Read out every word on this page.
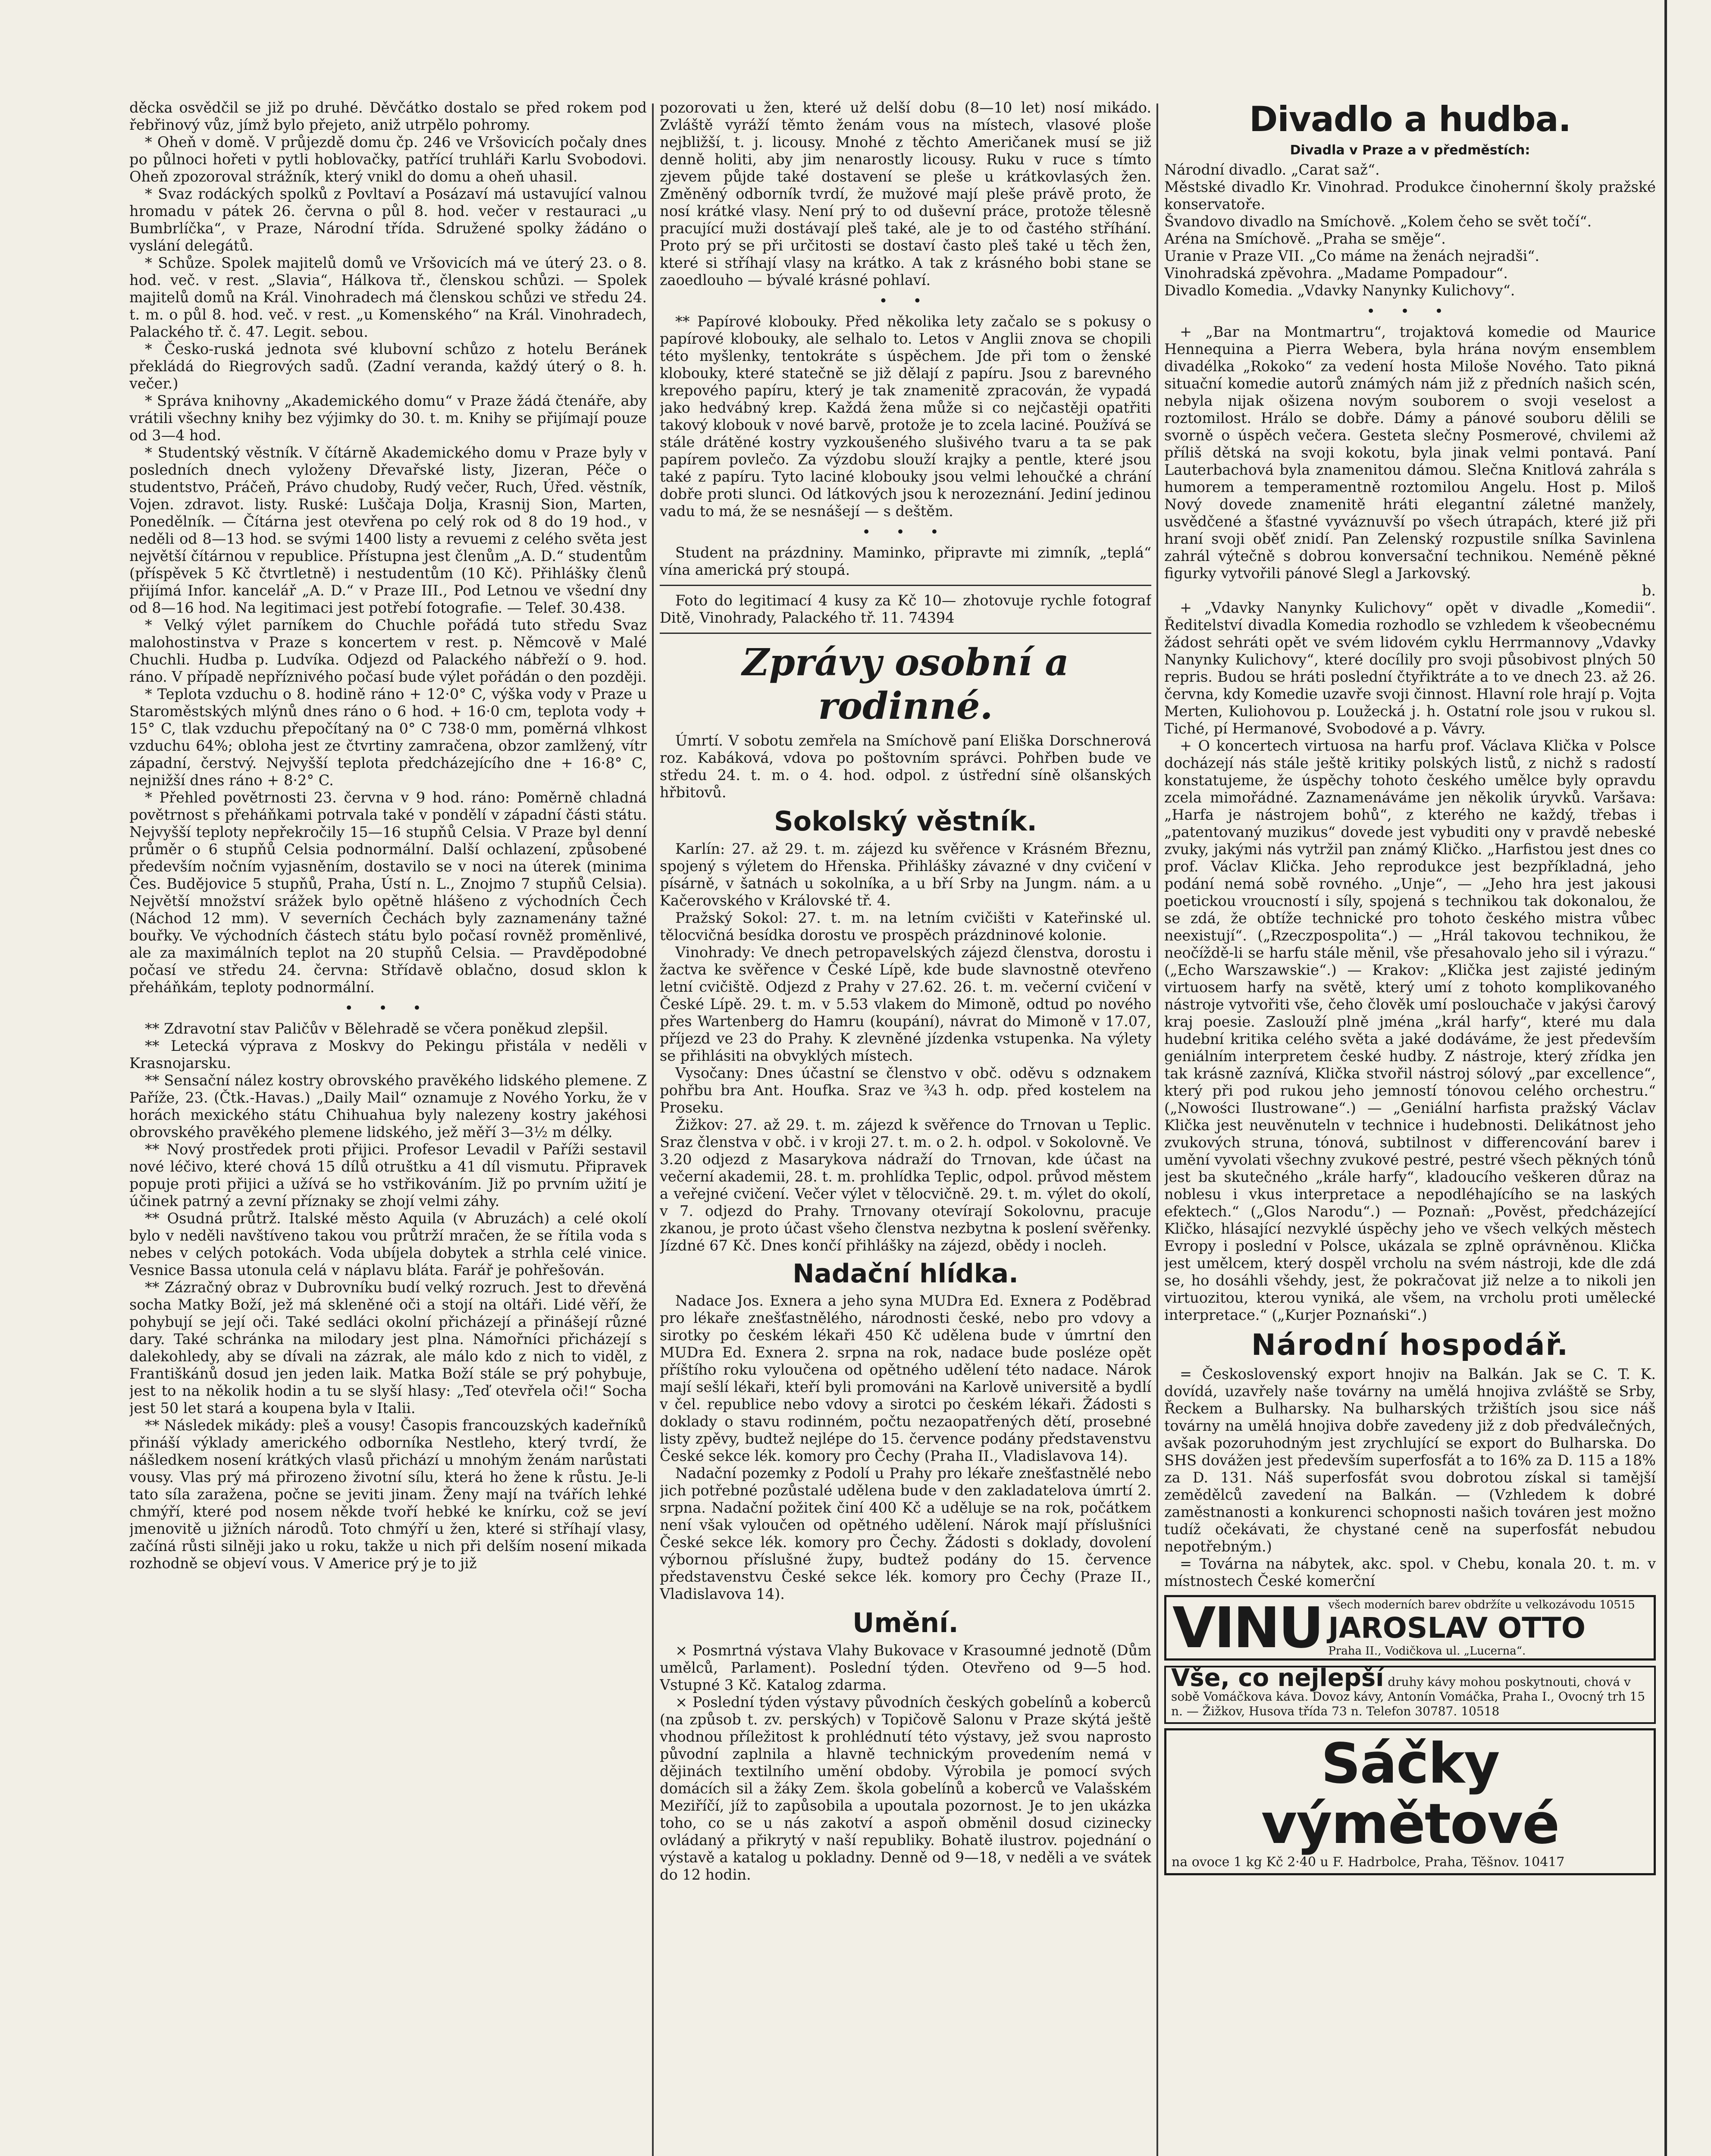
děcka osvědčil se již po druhé. Děvčátko dostalo se před rokem pod řebřinový vůz, jímž bylo přejeto, aniž utrpělo pohromy.

* Oheň v domě. V průjezdě domu čp. 246 ve Vršovicích počaly dnes po půlnoci hořeti v pytli hoblovačky, patřící truhláři Karlu Svobodovi. Oheň zpozoroval strážník, který vnikl do domu a oheň uhasil.

* Svaz rodáckých spolků z Povltaví a Posázaví má ustavující valnou hromadu v pátek 26. června o půl 8. hod. večer v restauraci „u Bumbrlíčka“, v Praze, Národní třída. Sdružené spolky žádáno o vyslání delegátů.

* Schůze. Spolek majitelů domů ve Vršovicích má ve úterý 23. o 8. hod. več. v rest. „Slavia“, Hálkova tř., členskou schůzi. — Spolek majitelů domů na Král. Vinohradech má členskou schůzi ve středu 24. t. m. o půl 8. hod. več. v rest. „u Komenského“ na Král. Vinohradech, Palackého tř. č. 47. Legit. sebou.

* Česko-ruská jednota své klubovní schůzo z hotelu Beránek překládá do Riegrových sadů. (Zadní veranda, každý úterý o 8. h. večer.)

* Správa knihovny „Akademického domu“ v Praze žádá čtenáře, aby vrátili všechny knihy bez výjimky do 30. t. m. Knihy se přijímají pouze od 3—4 hod.

* Studentský věstník. V čítárně Akademického domu v Praze byly v posledních dnech vyloženy Dřevařské listy, Jizeran, Péče o studentstvo, Práčeň, Právo chudoby, Rudý večer, Ruch, Úřed. věstník, Vojen. zdravot. listy. Ruské: Luščaja Dolja, Krasnij Sion, Marten, Ponedělník. — Čítárna jest otevřena po celý rok od 8 do 19 hod., v neděli od 8—13 hod. se svými 1400 listy a revuemi z celého světa jest největší čítárnou v republice. Přístupna jest členům „A. D.“ studentům (příspěvek 5 Kč čtvrtletně) i nestudentům (10 Kč). Přihlášky členů přijímá Infor. kancelář „A. D.“ v Praze III., Pod Letnou ve všední dny od 8—16 hod. Na legitimaci jest potřebí fotografie. — Telef. 30.438.

* Velký výlet parníkem do Chuchle pořádá tuto středu Svaz malohostinstva v Praze s koncertem v rest. p. Němcově v Malé Chuchli. Hudba p. Ludvíka. Odjezd od Palackého nábřeží o 9. hod. ráno. V případě nepříznivého počasí bude výlet pořádán o den později.

* Teplota vzduchu o 8. hodině ráno + 12·0° C, výška vody v Praze u Staroměstských mlýnů dnes ráno o 6 hod. + 16·0 cm, teplota vody + 15° C, tlak vzduchu přepočítaný na 0° C 738·0 mm, poměrná vlhkost vzduchu 64%; obloha jest ze čtvrtiny zamračena, obzor zamlžený, vítr západní, čerstvý. Nejvyšší teplota předcházejícího dne + 16·8° C, nejnižší dnes ráno + 8·2° C.

* Přehled povětrnosti 23. června v 9 hod. ráno: Poměrně chladná povětrnost s přeháňkami potrvala také v pondělí v západní části státu. Nejvyšší teploty nepřekročily 15—16 stupňů Celsia. V Praze byl denní průměr o 6 stupňů Celsia podnormální. Další ochlazení, způsobené především nočním vyjasněním, dostavilo se v noci na úterek (minima Čes. Budějovice 5 stupňů, Praha, Ústí n. L., Znojmo 7 stupňů Celsia). Největší množství srážek bylo opětně hlášeno z východních Čech (Náchod 12 mm). V severních Čechách byly zaznamenány tažné bouřky. Ve východních částech státu bylo počasí rovněž proměnlivé, ale za maximálních teplot na 20 stupňů Celsia. — Pravděpodobné počasí ve středu 24. června: Střídavě oblačno, dosud sklon k přeháňkám, teploty podnormální.

• • •

** Zdravotní stav Paličův v Bělehradě se včera poněkud zlepšil.

** Letecká výprava z Moskvy do Pekingu přistála v neděli v Krasnojarsku.

** Sensační nález kostry obrovského pravěkého lidského plemene. Z Paříže, 23. (Čtk.-Havas.) „Daily Mail“ oznamuje z Nového Yorku, že v horách mexického státu Chihuahua byly nalezeny kostry jakéhosi obrovského pravěkého plemene lidského, jež měří 3—3½ m délky.

** Nový prostředek proti přijici. Profesor Levadil v Paříži sestavil nové léčivo, které chová 15 dílů otruštku a 41 díl vismutu. Připravek popuje proti přijici a užívá se ho vstřikováním. Již po prvním užití je účinek patrný a zevní příznaky se zhojí velmi záhy.

** Osudná průtrž. Italské město Aquila (v Abruzách) a celé okolí bylo v neděli navštíveno takou vou průtrží mračen, že se řítila voda s nebes v celých potokách. Voda ubíjela dobytek a strhla celé vinice. Vesnice Bassa utonula celá v náplavu bláta. Farář je pohřešován.

** Zázračný obraz v Dubrovníku budí velký rozruch. Jest to dřevěná socha Matky Boží, jež má skleněné oči a stojí na oltáři. Lidé věří, že pohybují se její oči. Také sedláci okolní přicházejí a přinášejí různé dary. Také schránka na milodary jest plna. Námořníci přicházejí s dalekohledy, aby se dívali na zázrak, ale málo kdo z nich to viděl, z Františkánů dosud jen jeden laik. Matka Boží stále se prý pohybuje, jest to na několik hodin a tu se slyší hlasy: „Teď otevřela oči!“ Socha jest 50 let stará a koupena byla v Italii.

** Následek mikády: pleš a vousy! Časopis francouzských kadeřníků přináší výklady amerického odborníka Nestleho, který tvrdí, že nášledkem nosení krátkých vlasů přichází u mnohým ženám narůstati vousy. Vlas prý má přirozeno životní sílu, která ho žene k růstu. Je-li tato síla zaražena, počne se jeviti jinam. Ženy mají na tvářích lehké chmýří, které pod nosem někde tvoří hebké ke knírku, což se jeví jmenovitě u jižních národů. Toto chmýří u žen, které si stříhají vlasy, začíná růsti silněji jako u roku, takže u nich při delším nosení mikada rozhodně se objeví vous. V Americe prý je to již

pozorovati u žen, které už delší dobu (8—10 let) nosí mikádo. Zvláště vyráží těmto ženám vous na místech, vlasové ploše nejbližší, t. j. licousy. Mnohé z těchto Američanek musí se již denně holiti, aby jim nenarostly licousy. Ruku v ruce s tímto zjevem půjde také dostavení se pleše u krátkovlasých žen. Změněný odborník tvrdí, že mužové mají pleše právě proto, že nosí krátké vlasy. Není prý to od duševní práce, protože tělesně pracující muži dostávají pleš také, ale je to od častého stříhání. Proto prý se při určitosti se dostaví často pleš také u těch žen, které si stříhají vlasy na krátko. A tak z krásného bobi stane se zaoedlouho — bývalé krásné pohlaví.

• •

** Papírové klobouky. Před několika lety začalo se s pokusy o papírové klobouky, ale selhalo to. Letos v Anglii znova se chopili této myšlenky, tentokráte s úspěchem. Jde při tom o ženské klobouky, které statečně se již dělají z papíru. Jsou z barevného krepového papíru, který je tak znamenitě zpracován, že vypadá jako hedvábný krep. Každá žena může si co nejčastěji opatřiti takový klobouk v nové barvě, protože je to zcela laciné. Používá se stále drátěné kostry vyzkoušeného slušivého tvaru a ta se pak papírem povlečo. Za výzdobu slouží krajky a pentle, které jsou také z papíru. Tyto laciné klobouky jsou velmi lehoučké a chrání dobře proti slunci. Od látkových jsou k nerozeznání. Jediní jedinou vadu to má, že se nesnášejí — s deštěm.

• • •

Student na prázdniny. Maminko, připravte mi zimník, „teplá“ vína americká prý stoupá.

Foto do legitimací 4 kusy za Kč 10— zhotovuje rychle fotograf Ditě, Vinohrady, Palackého tř. 11. 74394

Zprávy osobní a rodinné.

Úmrtí. V sobotu zemřela na Smíchově paní Eliška Dorschnerová roz. Kabáková, vdova po poštovním správci. Pohřben bude ve středu 24. t. m. o 4. hod. odpol. z ústřední síně olšanských hřbitovů.

Sokolský věstník.

Karlín: 27. až 29. t. m. zájezd ku svěřence v Krásném Březnu, spojený s výletem do Hřenska. Přihlášky závazné v dny cvičení v písárně, v šatnách u sokolníka, a u bří Srby na Jungm. nám. a u Kačerovského v Královské tř. 4.

Pražský Sokol: 27. t. m. na letním cvičišti v Kateřinské ul. tělocvičná besídka dorostu ve prospěch prázdninové kolonie.

Vinohrady: Ve dnech petropavelských zájezd členstva, dorostu i žactva ke svěřence v České Lípě, kde bude slavnostně otevřeno letní cvičiště. Odjezd z Prahy v 27.62. 26. t. m. večerní cvičení v České Lípě. 29. t. m. v 5.53 vlakem do Mimoně, odtud po nového přes Wartenberg do Hamru (koupání), návrat do Mimoně v 17.07, příjezd ve 23 do Prahy. K zlevněné jízdenka vstupenka. Na výlety se přihlásiti na obvyklých místech.

Vysočany: Dnes účastní se členstvo v obč. oděvu s odznakem pohřbu bra Ant. Houfka. Sraz ve ¾3 h. odp. před kostelem na Proseku.

Žižkov: 27. až 29. t. m. zájezd k svěřence do Trnovan u Teplic. Sraz členstva v obč. i v kroji 27. t. m. o 2. h. odpol. v Sokolovně. Ve 3.20 odjezd z Masarykova nádraží do Trnovan, kde účast na večerní akademii, 28. t. m. prohlídka Teplic, odpol. průvod městem a veřejné cvičení. Večer výlet v tělocvičně. 29. t. m. výlet do okolí, v 7. odjezd do Prahy. Trnovany otevírají Sokolovnu, pracuje zkanou, je proto účast všeho členstva nezbytna k poslení svěřenky. Jízdné 67 Kč. Dnes končí přihlášky na zájezd, obědy i nocleh.

Nadační hlídka.

Nadace Jos. Exnera a jeho syna MUDra Ed. Exnera z Poděbrad pro lékaře znešťastnělého, národnosti české, nebo pro vdovy a sirotky po českém lékaři 450 Kč udělena bude v úmrtní den MUDra Ed. Exnera 2. srpna na rok, nadace bude posléze opět příštího roku vyloučena od opětného udělení této nadace. Nárok mají sešlí lékaři, kteří byli promováni na Karlově universitě a bydlí v čel. republice nebo vdovy a sirotci po českém lékaři. Žádosti s doklady o stavu rodinném, počtu nezaopatřených dětí, prosebné listy zpěvy, budtež nejlépe do 15. července podány představenstvu České sekce lék. komory pro Čechy (Praha II., Vladislavova 14).

Nadační pozemky z Podolí u Prahy pro lékaře znešťastnělé nebo jich potřebné pozůstalé udělena bude v den zakladatelova úmrtí 2. srpna. Nadační požitek činí 400 Kč a uděluje se na rok, počátkem není však vyloučen od opětného udělení. Nárok mají příslušníci České sekce lék. komory pro Čechy. Žádosti s doklady, dovolení výbornou příslušné župy, budtež podány do 15. července představenstvu České sekce lék. komory pro Čechy (Praze II., Vladislavova 14).

Umění.

× Posmrtná výstava Vlahy Bukovace v Krasoumné jednotě (Dům umělců, Parlament). Poslední týden. Otevřeno od 9—5 hod. Vstupné 3 Kč. Katalog zdarma.

× Poslední týden výstavy původních českých gobelínů a koberců (na způsob t. zv. perských) v Topičově Salonu v Praze skýtá ještě vhodnou příležitost k prohlédnutí této výstavy, jež svou naprosto původní zaplnila a hlavně technickým provedením nemá v dějinách textilního umění obdoby. Výrobila je pomocí svých domácích sil a žáky Zem. škola gobelínů a koberců ve Valašském Meziříčí, jíž to zapůsobila a upoutala pozornost. Je to jen ukázka toho, co se u nás zakotví a aspoň obměnil dosud cizinecky ovládaný a přikrytý v naší republiky. Bohatě ilustrov. pojednání o výstavě a katalog u pokladny. Denně od 9—18, v neděli a ve svátek do 12 hodin.

Divadlo a hudba.
Divadla v Praze a v předměstích:

Národní divadlo. „Carat saž“.

Městské divadlo Kr. Vinohrad. Produkce činohernní školy pražské konservatoře.

Švandovo divadlo na Smíchově. „Kolem čeho se svět točí“.

Aréna na Smíchově. „Praha se směje“.

Uranie v Praze VII. „Co máme na ženách nejradši“.

Vinohradská zpěvohra. „Madame Pompadour“.

Divadlo Komedia. „Vdavky Nanynky Kulichovy“.

• • •

+ „Bar na Montmartru“, trojaktová komedie od Maurice Hennequina a Pierra Webera, byla hrána novým ensemblem divadélka „Rokoko“ za vedení hosta Miloše Nového. Tato pikná situační komedie autorů známých nám již z předních našich scén, nebyla nijak ošizena novým souborem o svoji veselost a roztomilost. Hrálo se dobře. Dámy a pánové souboru dělili se svorně o úspěch večera. Gesteta slečny Posmerové, chvilemi až příliš dětská na svoji kokotu, byla jinak velmi pontavá. Paní Lauterbachová byla znamenitou dámou. Slečna Knitlová zahrála s humorem a temperamentně roztomilou Angelu. Host p. Miloš Nový dovede znamenitě hráti elegantní záletné manžely, usvědčené a šťastné vyváznuvší po všech útrapách, které již při hraní svoji oběť znidí. Pan Zelenský rozpustile snílka Savinlena zahrál výtečně s dobrou konversační technikou. Neméně pěkné figurky vytvořili pánové Slegl a Jarkovský.

b.

+ „Vdavky Nanynky Kulichovy“ opět v divadle „Komedii“. Ředitelství divadla Komedia rozhodlo se vzhledem k všeobecnému žádost sehráti opět ve svém lidovém cyklu Herrmannovy „Vdavky Nanynky Kulichovy“, které docílily pro svoji působivost plných 50 repris. Budou se hráti poslední čtyřiktráte a to ve dnech 23. až 26. června, kdy Komedie uzavře svoji činnost. Hlavní role hrají p. Vojta Merten, Kuliohovou p. Loužecká j. h. Ostatní role jsou v rukou sl. Tiché, pí Hermanové, Svobodové a p. Vávry.

+ O koncertech virtuosa na harfu prof. Václava Klička v Polsce docházejí nás stále ještě kritiky polských listů, z nichž s radostí konstatujeme, že úspěchy tohoto českého umělce byly opravdu zcela mimořádné. Zaznamenáváme jen několik úryvků. Varšava: „Harfa je nástrojem bohů“, z kterého ne každý, třebas i „patentovaný muzikus“ dovede jest vybuditi ony v pravdě nebeské zvuky, jakými nás vytržil pan známý Kličko. „Harfistou jest dnes co prof. Václav Klička. Jeho reprodukce jest bezpříkladná, jeho podání nemá sobě rovného. „Unje“, — „Jeho hra jest jakousi poetickou vroucností i síly, spojená s technikou tak dokonalou, že se zdá, že obtíže technické pro tohoto českého mistra vůbec neexistují“. („Rzeczpospolita“.) — „Hrál takovou technikou, že neočíždě-li se harfu stále měnil, vše přesahovalo jeho sil i výrazu.“ („Echo Warszawskie“.) — Krakov: „Klička jest zajisté jediným virtuosem harfy na světě, který umí z tohoto komplikovaného nástroje vytvořiti vše, čeho člověk umí poslouchače v jakýsi čarový kraj poesie. Zaslouží plně jména „král harfy“, které mu dala hudební kritika celého světa a jaké dodáváme, že jest především geniálním interpretem české hudby. Z nástroje, který zřídka jen tak krásně zaznívá, Klička stvořil nástroj sólový „par excellence“, který při pod rukou jeho jemností tónovou celého orchestru.“ („Nowości Ilustrowane“.) — „Geniální harfista pražský Václav Klička jest neuvěnuteln v technice i hudebnosti. Delikátnost jeho zvukových struna, tónová, subtilnost v differencování barev i umění vyvolati všechny zvukové pestré, pestré všech pěkných tónů jest ba skutečného „krále harfy“, kladoucího veškeren důraz na noblesu i vkus interpretace a nepodléhajícího se na laských efektech.“ („Glos Narodu“.) — Poznaň: „Pověst, předcházející Kličko, hlásající nezvyklé úspěchy jeho ve všech velkých městech Evropy i poslední v Polsce, ukázala se zplně oprávněnou. Klička jest umělcem, který dospěl vrcholu na svém nástroji, kde dle zdá se, ho dosáhli všehdy, jest, že pokračovat již nelze a to nikoli jen virtuozitou, kterou vyniká, ale všem, na vrcholu proti umělecké interpretace.“ („Kurjer Poznański“.)

Národní hospodář.

= Československý export hnojiv na Balkán. Jak se C. T. K. dovídá, uzavřely naše továrny na umělá hnojiva zvláště se Srby, Řeckem a Bulharsky. Na bulharských tržištích jsou sice náš továrny na umělá hnojiva dobře zavedeny již z dob předválečných, avšak pozoruhodným jest zrychlující se export do Bulharska. Do SHS dovážen jest především superfosfát a to 16% za D. 115 a 18% za D. 131. Náš superfosfát svou dobrotou získal si tamější zemědělců zavedení na Balkán. — (Vzhledem k dobré zaměstnanosti a konkurenci schopnosti našich továren jest možno tudíž očekávati, že chystané ceně na superfosfát nebudou nepotřebným.)

= Továrna na nábytek, akc. spol. v Chebu, konala 20. t. m. v místnostech České komerční

VINU všech moderních barev obdržíte u velkozávodu 10515
JAROSLAV OTTO
Praha II., Vodičkova ul. „Lucerna“.
Vše, co nejlepší druhy kávy mohou poskytnouti, chová v sobě Vomáčkova káva. Dovoz kávy, Antonín Vomáčka, Praha I., Ovocný trh 15 n. — Žižkov, Husova třída 73 n. Telefon 30787. 10518
Sáčky výmětové
na ovoce 1 kg Kč 2·40 u F. Hadrbolce, Praha, Těšnov. 10417
